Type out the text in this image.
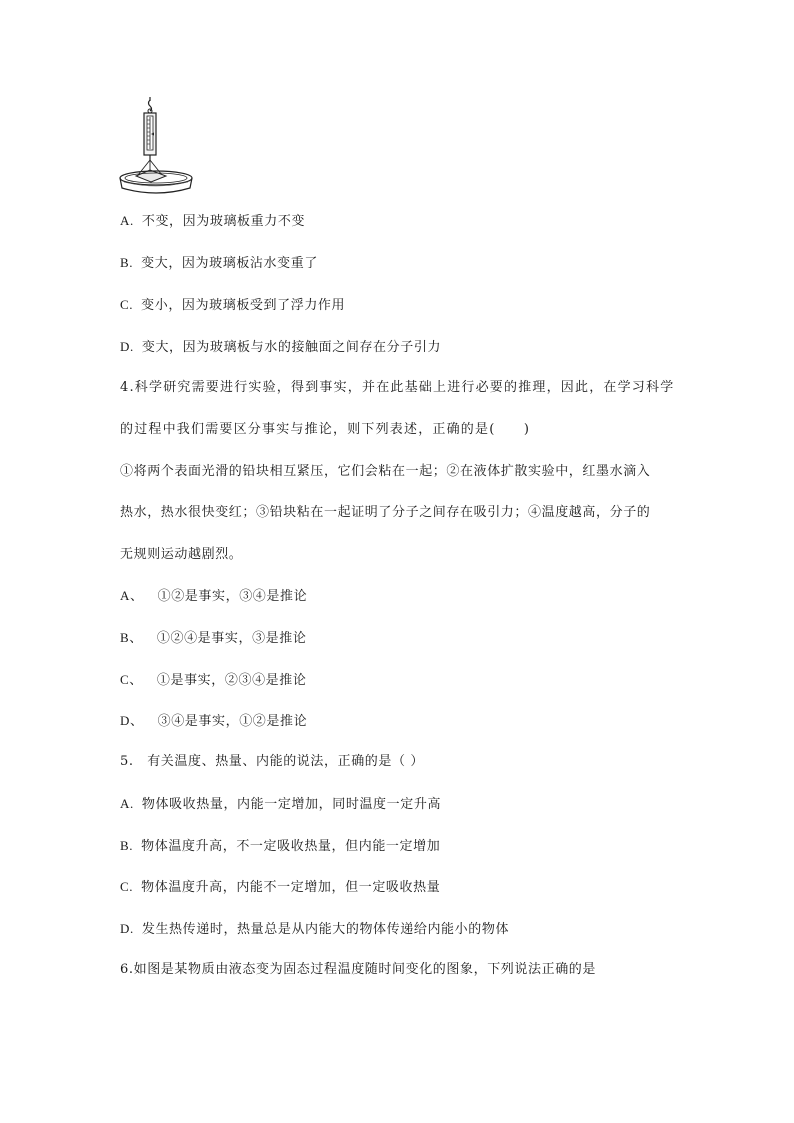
A. 不变，因为玻璃板重力不变
B. 变大，因为玻璃板沾水变重了
C. 变小，因为玻璃板受到了浮力作用
D. 变大，因为玻璃板与水的接触面之间存在分子引力
4.科学研究需要进行实验，得到事实，并在此基础上进行必要的推理，因此，在学习科学
的过程中我们需要区分事实与推论，则下列表述，正确的是(　　)
①将两个表面光滑的铅块相互紧压，它们会粘在一起；②在液体扩散实验中，红墨水滴入
热水，热水很快变红；③铅块粘在一起证明了分子之间存在吸引力；④温度越高，分子的
无规则运动越剧烈。
A、 ①②是事实，③④是推论
B、 ①②④是事实，③是推论
C、 ①是事实，②③④是推论
D、 ③④是事实，①②是推论
5.　有关温度、热量、内能的说法，正确的是（ ）
A. 物体吸收热量，内能一定增加，同时温度一定升高
B. 物体温度升高，不一定吸收热量，但内能一定增加
C. 物体温度升高，内能不一定增加，但一定吸收热量
D. 发生热传递时，热量总是从内能大的物体传递给内能小的物体
6.如图是某物质由液态变为固态过程温度随时间变化的图象，下列说法正确的是
